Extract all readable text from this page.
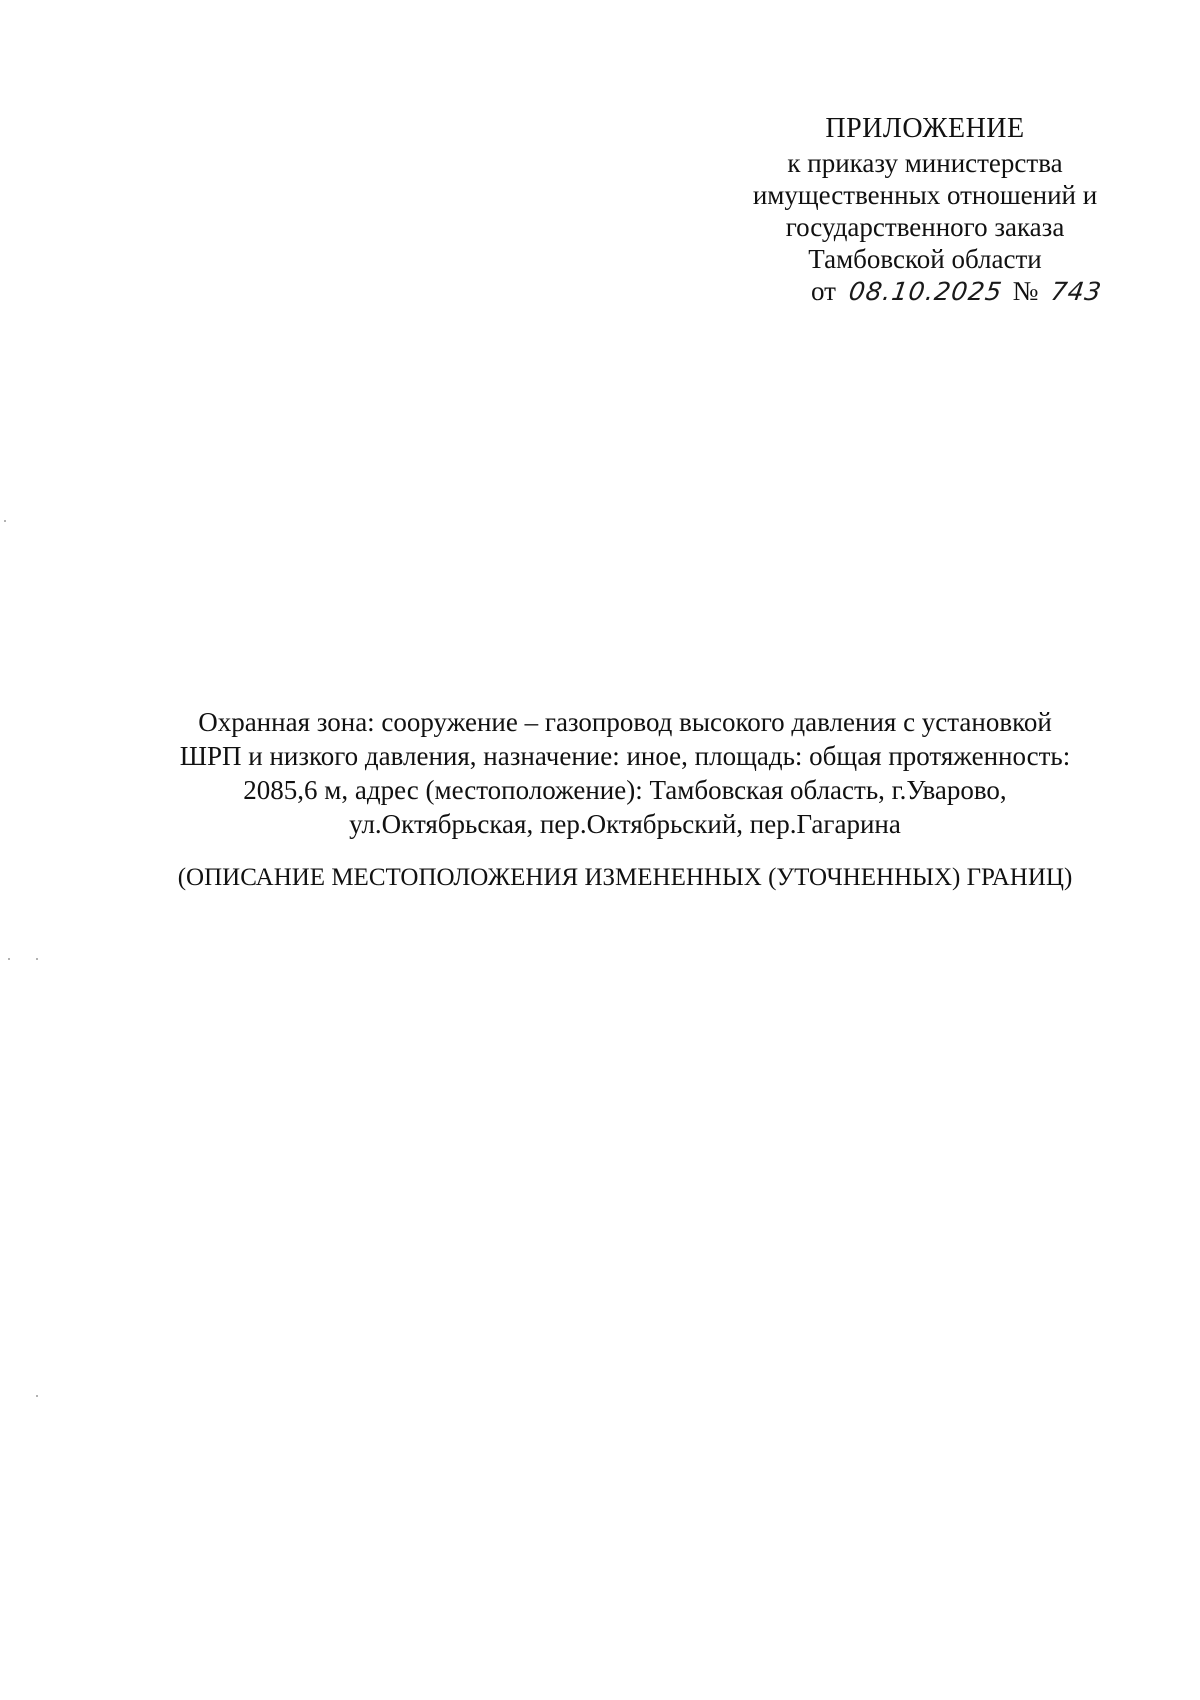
ПРИЛОЖЕНИЕ
к приказу министерства
имущественных отношений и
государственного заказа
Тамбовской области
от 08.10.2025 № 743
Охранная зона: сооружение – газопровод высокого давления с установкой
ШРП и низкого давления, назначение: иное, площадь: общая протяженность:
2085,6 м, адрес (местоположение): Тамбовская область, г.Уварово,
ул.Октябрьская, пер.Октябрьский, пер.Гагарина
(ОПИСАНИЕ МЕСТОПОЛОЖЕНИЯ ИЗМЕНЕННЫХ (УТОЧНЕННЫХ) ГРАНИЦ)
